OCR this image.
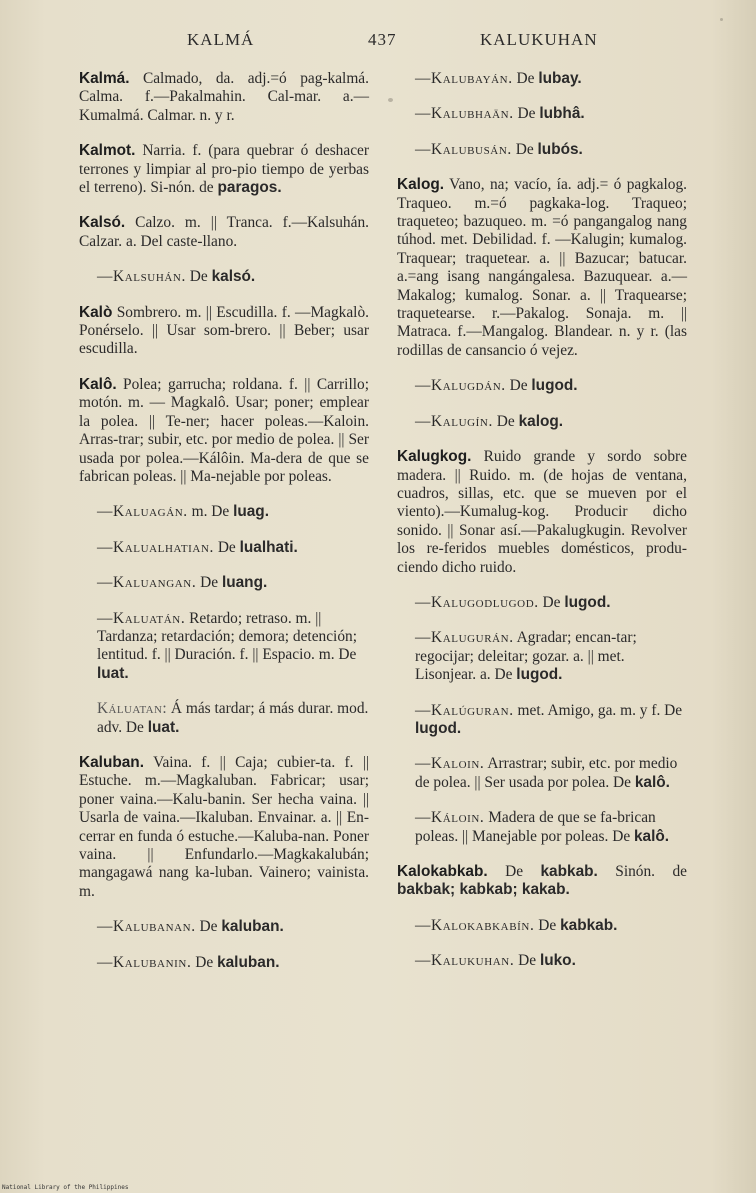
KALMÁ	437	KALUKUHAN

Kalmá. Calmado, da. adj.=ó pag-kalmá. Calma. f.—Pakalmahin. Cal-mar. a.—Kumalmá. Calmar. n. y r.

Kalmot. Narria. f. (para quebrar ó deshacer terrones y limpiar al pro-pio tiempo de yerbas el terreno). Si-nón. de paragos.

Kalsó. Calzo. m. || Tranca. f.—Kalsuhán. Calzar. a. Del caste-llano.

—Kalsuhán. De kalsó.

Kalò Sombrero. m. || Escudilla. f. —Magkalò. Ponérselo. || Usar som-brero. || Beber; usar escudilla.

Kalô. Polea; garrucha; roldana. f. || Carrillo; motón. m. — Magkalô. Usar; poner; emplear la polea. || Te-ner; hacer poleas.—Kaloin. Arras-trar; subir, etc. por medio de polea. || Ser usada por polea.—Kálôin. Ma-dera de que se fabrican poleas. || Ma-nejable por poleas.

—Kaluagán. m. De luag.

—Kalualhatian. De lualhati.

—Kaluangan. De luang.

—Kaluatán. Retardo; retraso. m. || Tardanza; retardación; demora; detención; lentitud. f. || Duración. f. || Espacio. m. De luat.

Káluatan: Á más tardar; á más durar. mod. adv. De luat.

Kaluban. Vaina. f. || Caja; cubier-ta. f. || Estuche. m.—Magkaluban. Fabricar; usar; poner vaina.—Kalu-banin. Ser hecha vaina. || Usarla de vaina.—Ikaluban. Envainar. a. || En-cerrar en funda ó estuche.—Kaluba-nan. Poner vaina. || Enfundarlo.—Magkakalubán; mangagawá nang ka-luban. Vainero; vainista. m.

—Kalubanan. De kaluban.

—Kalubanin. De kaluban.

—Kalubayán. De lubay.

—Kalubhaän. De lubhâ.

—Kalubusán. De lubós.

Kalog. Vano, na; vacío, ía. adj.= ó pagkalog. Traqueo. m.=ó pagkaka-log. Traqueo; traqueteo; bazuqueo. m. =ó pangangalog nang túhod. met. Debilidad. f. —Kalugin; kumalog. Traquear; traquetear. a. || Bazucar; batucar. a.=ang isang nangángalesa. Bazuquear. a.—Makalog; kumalog. Sonar. a. || Traquearse; traquetearse. r.—Pakalog. Sonaja. m. || Matraca. f.—Mangalog. Blandear. n. y r. (las rodillas de cansancio ó vejez.

—Kalugdán. De lugod.

—Kalugín. De kalog.

Kalugkog. Ruido grande y sordo sobre madera. || Ruido. m. (de hojas de ventana, cuadros, sillas, etc. que se mueven por el viento).—Kumalug-kog. Producir dicho sonido. || Sonar así.—Pakalugkugin. Revolver los re-feridos muebles domésticos, produ-ciendo dicho ruido.

—Kalugodlugod. De lugod.

—Kalugurán. Agradar; encan-tar; regocijar; deleitar; gozar. a. || met. Lisonjear. a. De lugod.

—Kalúguran. met. Amigo, ga. m. y f. De lugod.

—Kaloin. Arrastrar; subir, etc. por medio de polea. || Ser usada por polea. De kalô.

—Káloin. Madera de que se fa-brican poleas. || Manejable por poleas. De kalô.

Kalokabkab. De kabkab. Sinón. de bakbak; kabkab; kakab.

—Kalokabkabín. De kabkab.

—Kalukuhan. De luko.

National Library of the Philippines
